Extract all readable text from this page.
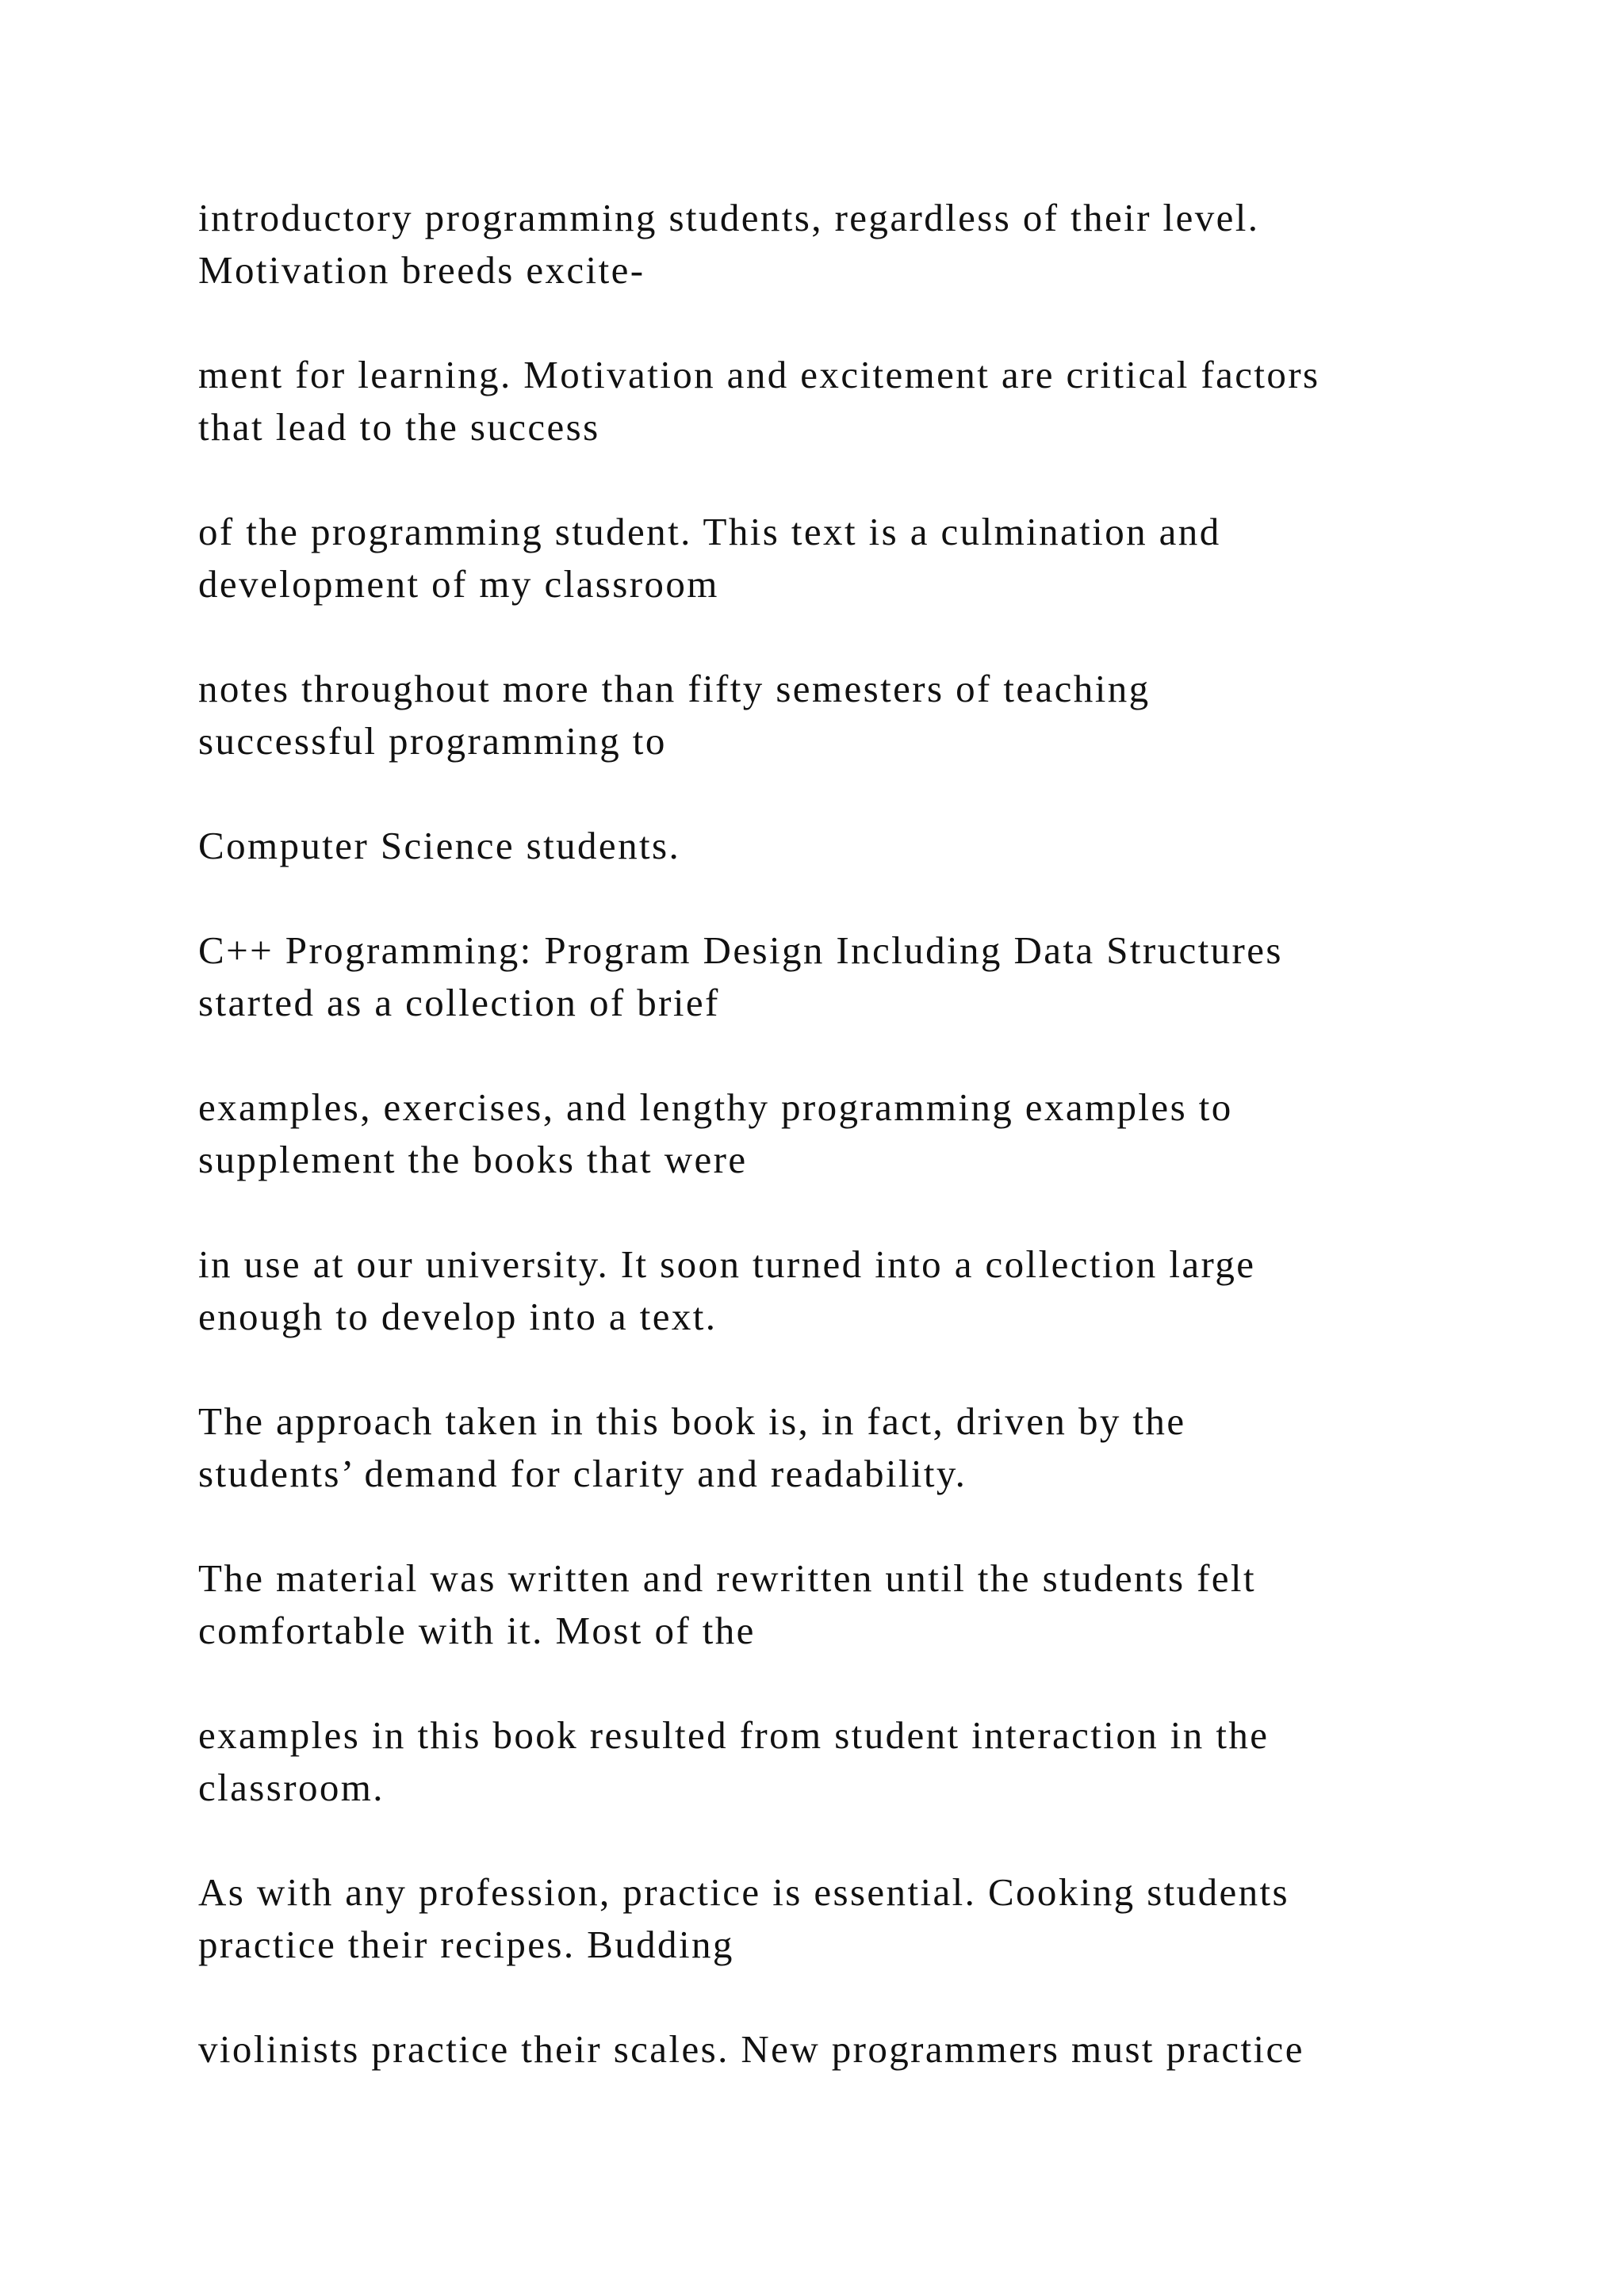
introductory programming students, regardless of their level.
Motivation breeds excite-

ment for learning. Motivation and excitement are critical factors
that lead to the success

of the programming student. This text is a culmination and
development of my classroom

notes throughout more than fifty semesters of teaching
successful programming to

Computer Science students.

C++ Programming: Program Design Including Data Structures
started as a collection of brief

examples, exercises, and lengthy programming examples to
supplement the books that were

in use at our university. It soon turned into a collection large
enough to develop into a text.

The approach taken in this book is, in fact, driven by the
students’ demand for clarity and readability.

The material was written and rewritten until the students felt
comfortable with it. Most of the

examples in this book resulted from student interaction in the
classroom.

As with any profession, practice is essential. Cooking students
practice their recipes. Budding

violinists practice their scales. New programmers must practice
